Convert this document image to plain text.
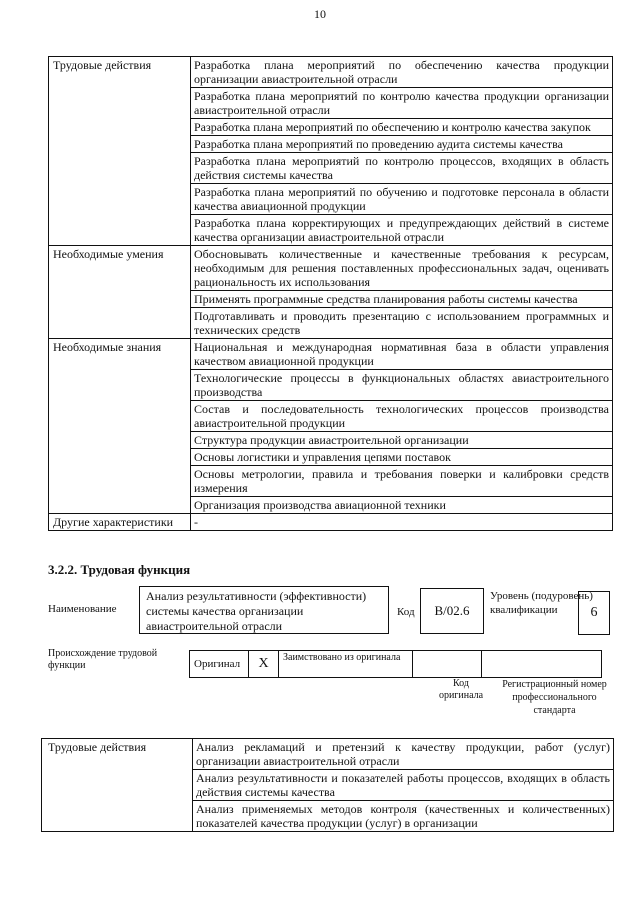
10
Трудовые действия	Разработка плана мероприятий по обеспечению качества продукции организации авиастроительной отрасли
	Разработка плана мероприятий по контролю качества продукции организации авиастроительной отрасли
	Разработка плана мероприятий по обеспечению и контролю качества закупок
	Разработка плана мероприятий по проведению аудита системы качества
	Разработка плана мероприятий по контролю процессов, входящих в область действия системы качества
	Разработка плана мероприятий по обучению и подготовке персонала в области качества авиационной продукции
	Разработка плана корректирующих и предупреждающих действий в системе качества организации авиастроительной отрасли
Необходимые умения	Обосновывать количественные и качественные требования к ресурсам, необходимым для решения поставленных профессиональных задач, оценивать рациональность их использования
	Применять программные средства планирования работы системы качества
	Подготавливать и проводить презентацию с использованием программных и технических средств
Необходимые знания	Национальная и международная нормативная база в области управления качеством авиационной продукции
	Технологические процессы в функциональных областях авиастроительного производства
	Состав и последовательность технологических процессов производства авиастроительной продукции
	Структура продукции авиастроительной организации
	Основы логистики и управления цепями поставок
	Основы метрологии, правила и требования поверки и калибровки средств измерения
	Организация производства авиационной техники
Другие характеристики	-
3.2.2. Трудовая функция
Наименование
Анализ результативности (эффективности) системы качества организации авиастроительной отрасли
Код	B/02.6
Уровень (подуровень) квалификации	6
Происхождение трудовой функции	Оригинал	X	Заимствовано из оригинала
Код оригинала
Регистрационный номер профессионального стандарта
Трудовые действия	Анализ рекламаций и претензий к качеству продукции, работ (услуг) организации авиастроительной отрасли
Анализ результативности и показателей работы процессов, входящих в область действия системы качества
Анализ применяемых методов контроля (качественных и количественных) показателей качества продукции (услуг) в организации
